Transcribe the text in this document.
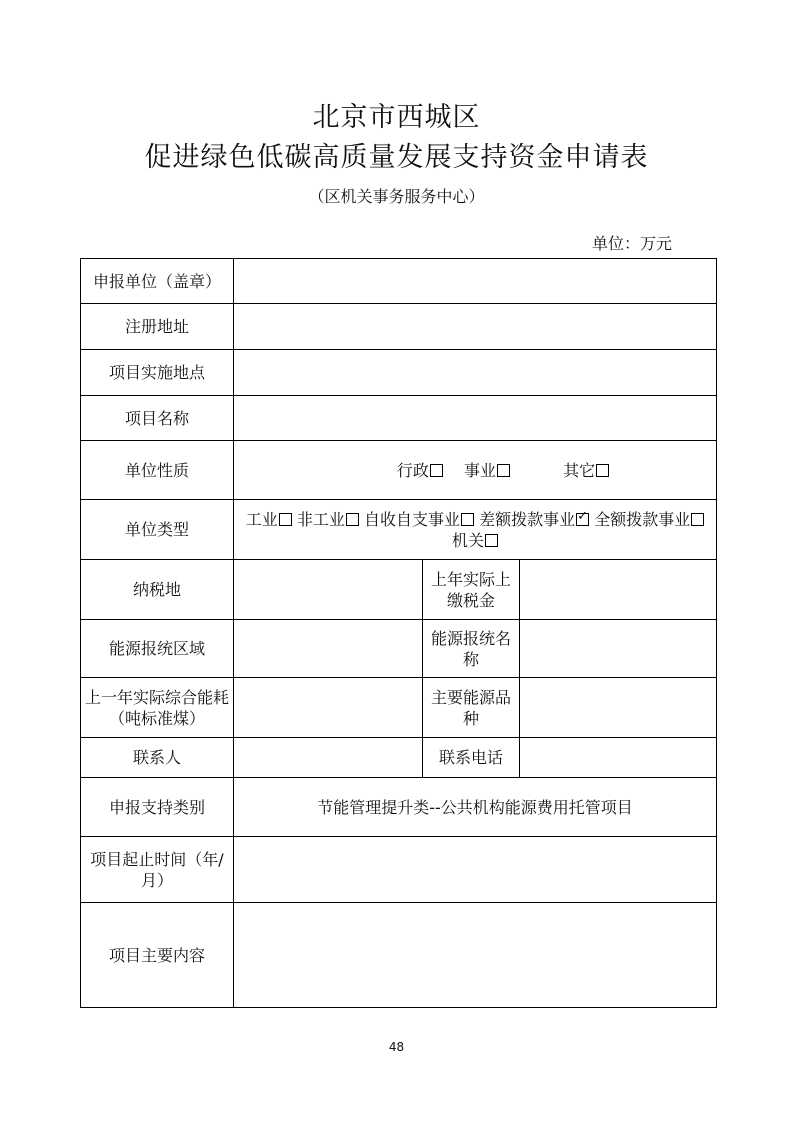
北京市西城区
促进绿色低碳高质量发展支持资金申请表
（区机关事务服务中心）
单位：万元
申报单位（盖章）			
注册地址			
项目实施地点			
项目名称			
单位性质	行政 事业 其它		
单位类型	工业 非工业 自收自支事业 差额拨款事业 ✓ 全额拨款事业 机关
纳税地		上年实际上缴税金	
能源报统区域		能源报统名称	
上一年实际综合能耗（吨标准煤）		主要能源品种	
联系人		联系电话	
申报支持类别	节能管理提升类--公共机构能源费用托管项目		
项目起止时间（年/月）			
项目主要内容			
48
